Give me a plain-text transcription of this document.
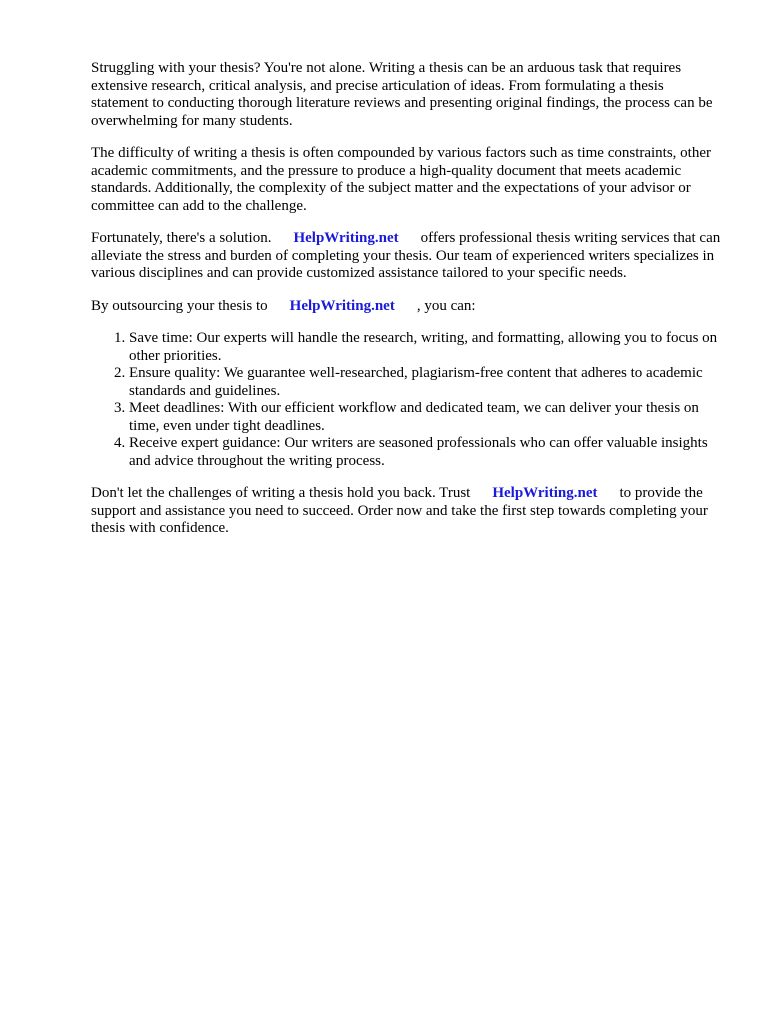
Struggling with your thesis? You're not alone. Writing a thesis can be an arduous task that requires extensive research, critical analysis, and precise articulation of ideas. From formulating a thesis statement to conducting thorough literature reviews and presenting original findings, the process can be overwhelming for many students.

The difficulty of writing a thesis is often compounded by various factors such as time constraints, other academic commitments, and the pressure to produce a high-quality document that meets academic standards. Additionally, the complexity of the subject matter and the expectations of your advisor or committee can add to the challenge.

Fortunately, there's a solution. HelpWriting.net offers professional thesis writing services that can alleviate the stress and burden of completing your thesis. Our team of experienced writers specializes in various disciplines and can provide customized assistance tailored to your specific needs.

By outsourcing your thesis to HelpWriting.net , you can:

1. Save time: Our experts will handle the research, writing, and formatting, allowing you to focus on other priorities.
2. Ensure quality: We guarantee well-researched, plagiarism-free content that adheres to academic standards and guidelines.
3. Meet deadlines: With our efficient workflow and dedicated team, we can deliver your thesis on time, even under tight deadlines.
4. Receive expert guidance: Our writers are seasoned professionals who can offer valuable insights and advice throughout the writing process.

Don't let the challenges of writing a thesis hold you back. Trust HelpWriting.net to provide the support and assistance you need to succeed. Order now and take the first step towards completing your thesis with confidence.
